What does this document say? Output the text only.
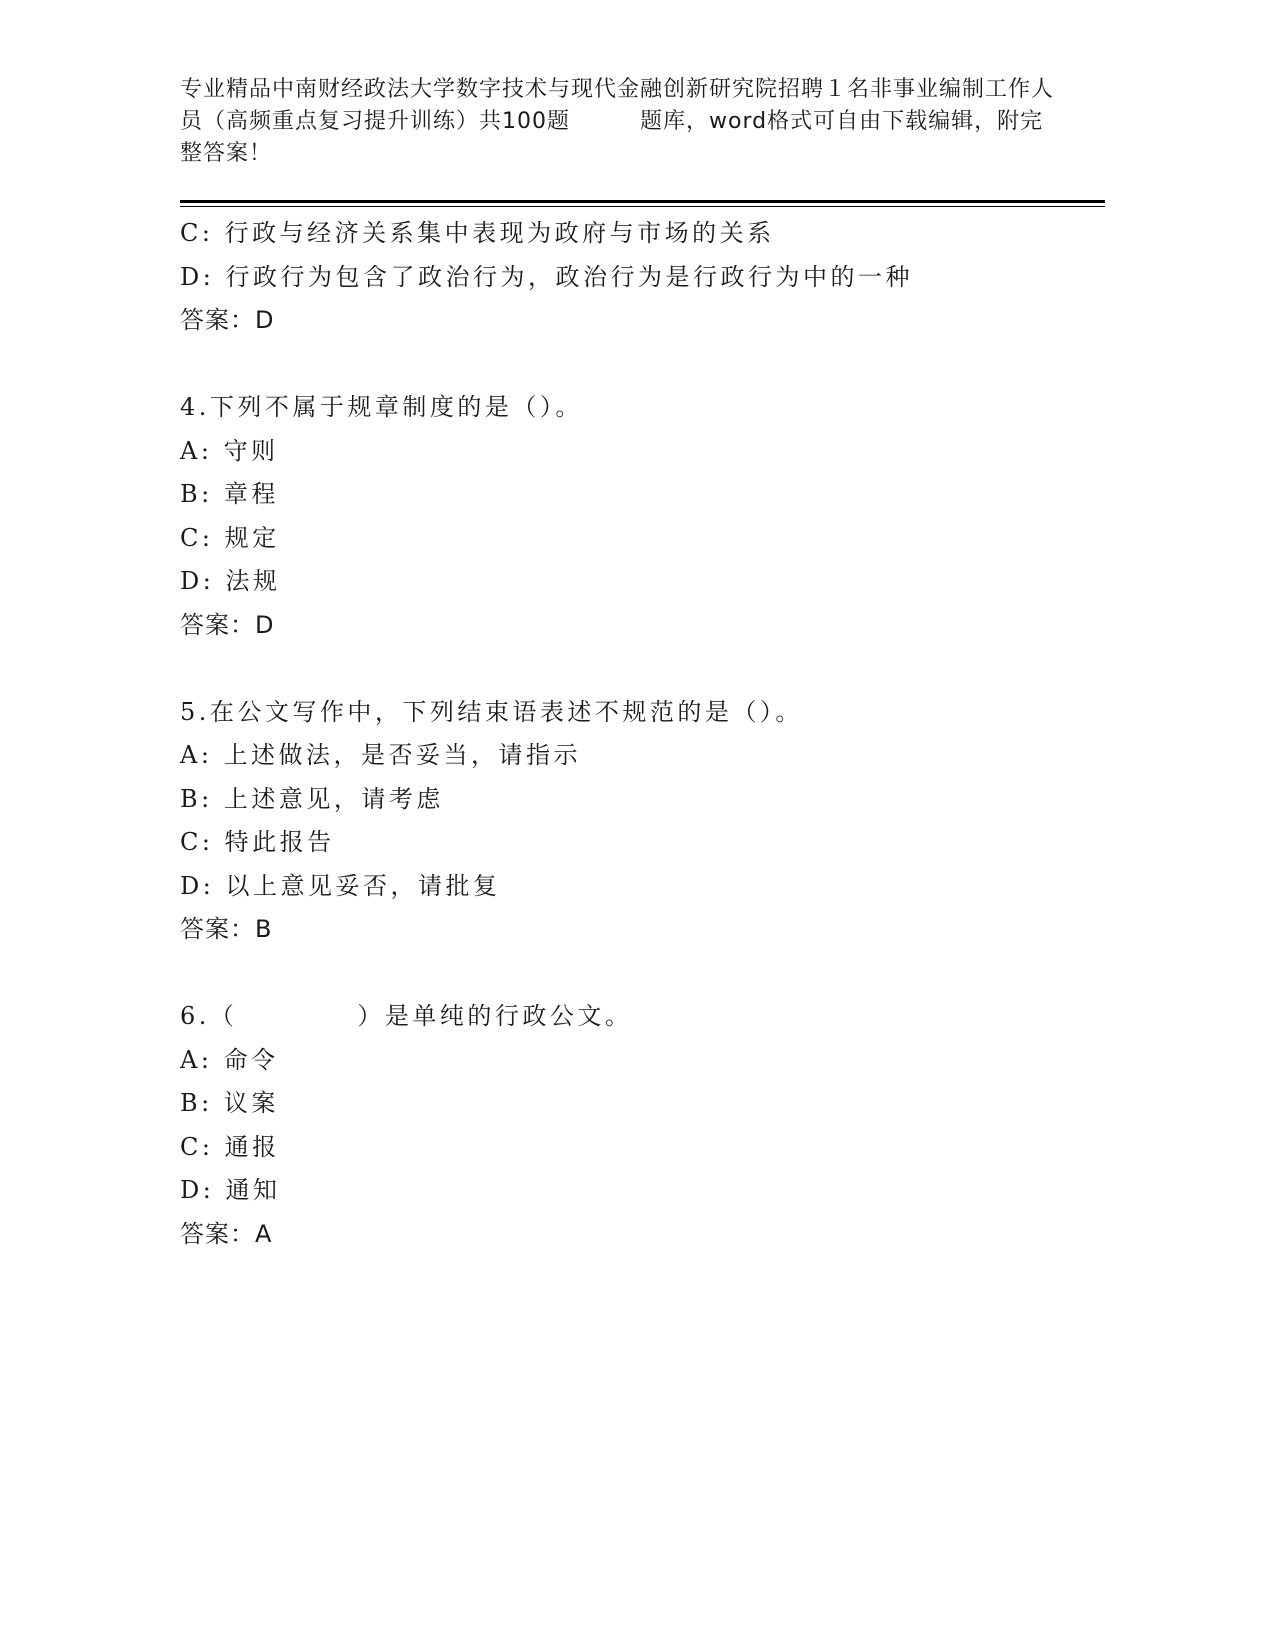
专业精品中南财经政法大学数字技术与现代金融创新研究院招聘１名非事业编制工作人员（高频重点复习提升训练）共100题	题库，word格式可自由下载编辑，附完整答案！
C: 行政与经济关系集中表现为政府与市场的关系
D: 行政行为包含了政治行为，政治行为是行政行为中的一种
答案：D
4.下列不属于规章制度的是（）。
A: 守则
B: 章程
C: 规定
D: 法规
答案：D
5.在公文写作中，下列结束语表述不规范的是（）。
A: 上述做法，是否妥当，请指示
B: 上述意见，请考虑
C: 特此报告
D: 以上意见妥否，请批复
答案：B
6.（	）是单纯的行政公文。
A: 命令
B: 议案
C: 通报
D: 通知
答案：A
